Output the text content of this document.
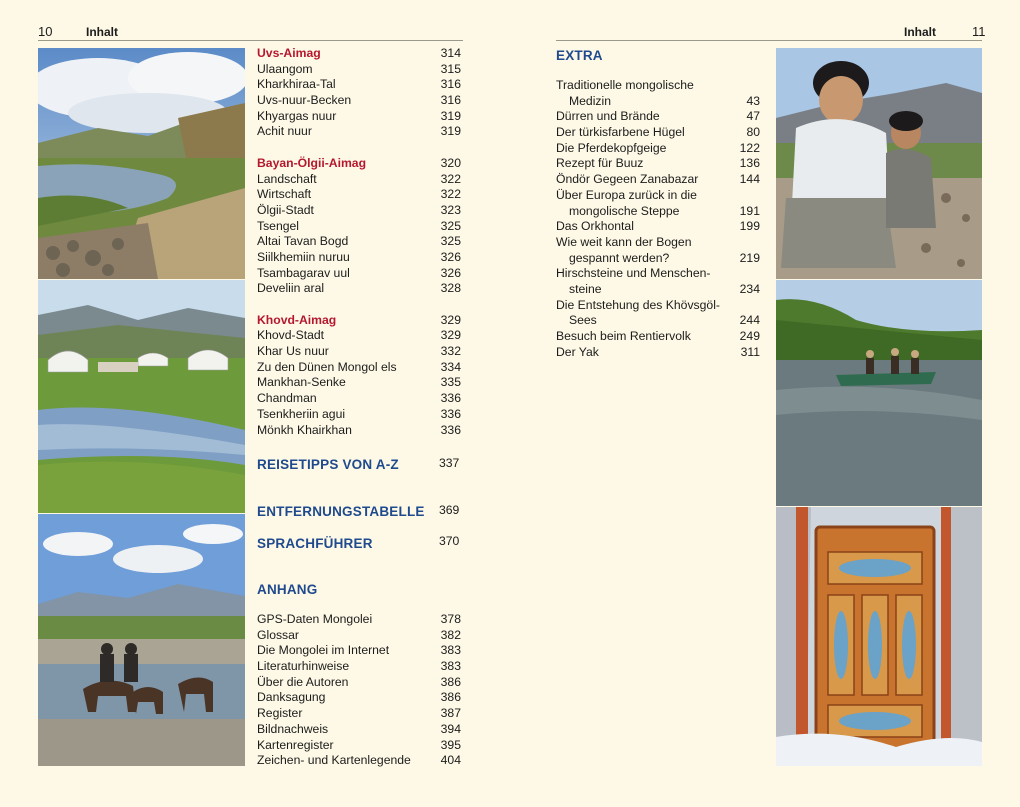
10	Inhalt
Uvs-Aimag	314
Ulaangom	315
Kharkhiraa-Tal	316
Uvs-nuur-Becken	316
Khyargas nuur	319
Achit nuur	319
Bayan-Ölgii-Aimag	320
Landschaft	322
Wirtschaft	322
Ölgii-Stadt	323
Tsengel	325
Altai Tavan Bogd	325
Siilkhemiin nuruu	326
Tsambagarav uul	326
Develiin aral	328
Khovd-Aimag	329
Khovd-Stadt	329
Khar Us nuur	332
Zu den Dünen Mongol els	334
Mankhan-Senke	335
Chandman	336
Tsenkheriin agui	336
Mönkh Khairkhan	336
REISETIPPS VON A-Z	337
ENTFERNUNGSTABELLE 369
SPRACHFÜHRER	370
ANHANG
GPS-Daten Mongolei	378
Glossar	382
Die Mongolei im Internet	383
Literaturhinweise	383
Über die Autoren	386
Danksagung	386
Register	387
Bildnachweis	394
Kartenregister	395
Zeichen- und Kartenlegende 404
Inhalt	11
EXTRA
Traditionelle mongolische
Medizin	43
Dürren und Brände	47
Der türkisfarbene Hügel	80
Die Pferdekopfgeige	122
Rezept für Buuz	136
Öndör Gegeen Zanabazar	144
Über Europa zurück in die
mongolische Steppe	191
Das Orkhontal	199
Wie weit kann der Bogen
gespannt werden?	219
Hirschsteine und Menschen-
steine	234
Die Entstehung des Khövsgöl-
Sees	244
Besuch beim Rentiervolk	249
Der Yak	311
